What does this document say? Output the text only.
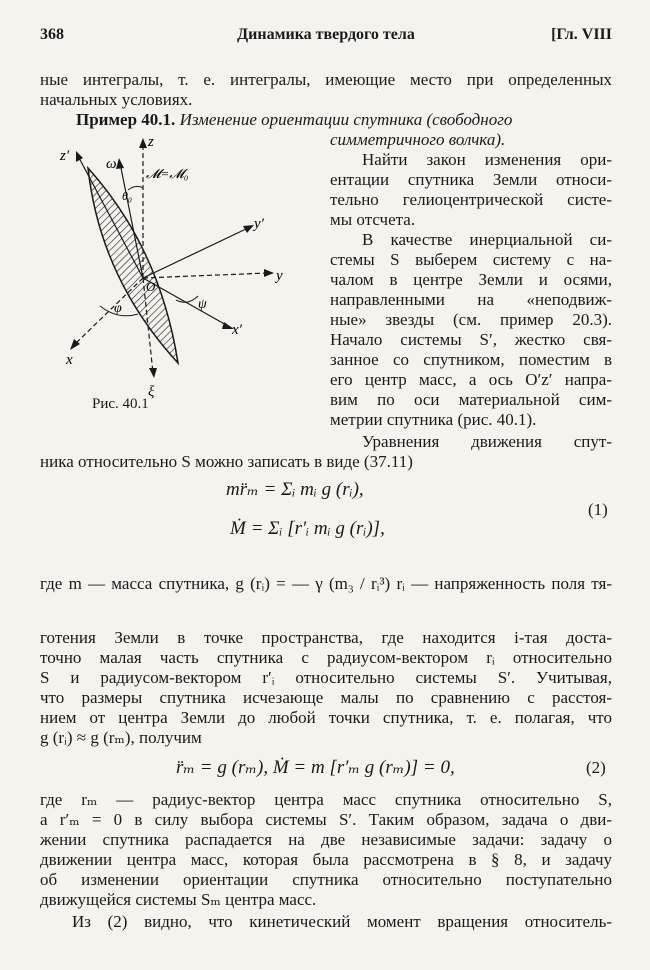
368	Динамика твердого тела	[Гл. VIII
ные интегралы, т. е. интегралы, имеющие место при определенных
начальных условиях.
Пример 40.1. Изменение ориентации спутника (свободного
симметричного волчка).
z
z′
y
y′
x
x′
ω
θ₀
𝓜=𝓜₀
O′
φ	ψ
ξ
Рис. 40.1
Найти закон изменения ори-
ентации спутника Земли относи-
тельно гелиоцентрической систе-
мы отсчета.
В качестве инерциальной си-
стемы S выберем систему с на-
чалом в центре Земли и осями,
направленными на «неподвиж-
ные» звезды (см. пример 20.3).
Начало системы S′, жестко свя-
занное со спутником, поместим в
его центр масс, а ось O′z′ напра-
вим по оси материальной сим-
метрии спутника (рис. 40.1).
Уравнения движения спут-
ника относительно S можно записать в виде (37.11)
mr̈ₘ = Σᵢ mᵢ g (rᵢ),
Ṁ = Σᵢ [r′ᵢ mᵢ g (rᵢ)],
(1)
где m — масса спутника, g (rᵢ) = — γ (m₃ / rᵢ³) rᵢ — напряженность поля тя-
готения Земли в точке пространства, где находится i-тая доста-
точно малая часть спутника с радиусом-вектором rᵢ относительно
S и радиусом-вектором r′ᵢ относительно системы S′. Учитывая,
что размеры спутника исчезающе малы по сравнению с расстоя-
нием от центра Земли до любой точки спутника, т. е. полагая, что
g (rᵢ) ≈ g (rₘ), получим
r̈ₘ = g (rₘ), Ṁ = m [r′ₘ g (rₘ)] = 0,	(2)
где rₘ — радиус-вектор центра масс спутника относительно S,
а r′ₘ = 0 в силу выбора системы S′. Таким образом, задача о дви-
жении спутника распадается на две независимые задачи: задачу о
движении центра масс, которая была рассмотрена в § 8, и задачу
об изменении ориентации спутника относительно поступательно
движущейся системы Sₘ центра масс.
Из (2) видно, что кинетический момент вращения относитель-
